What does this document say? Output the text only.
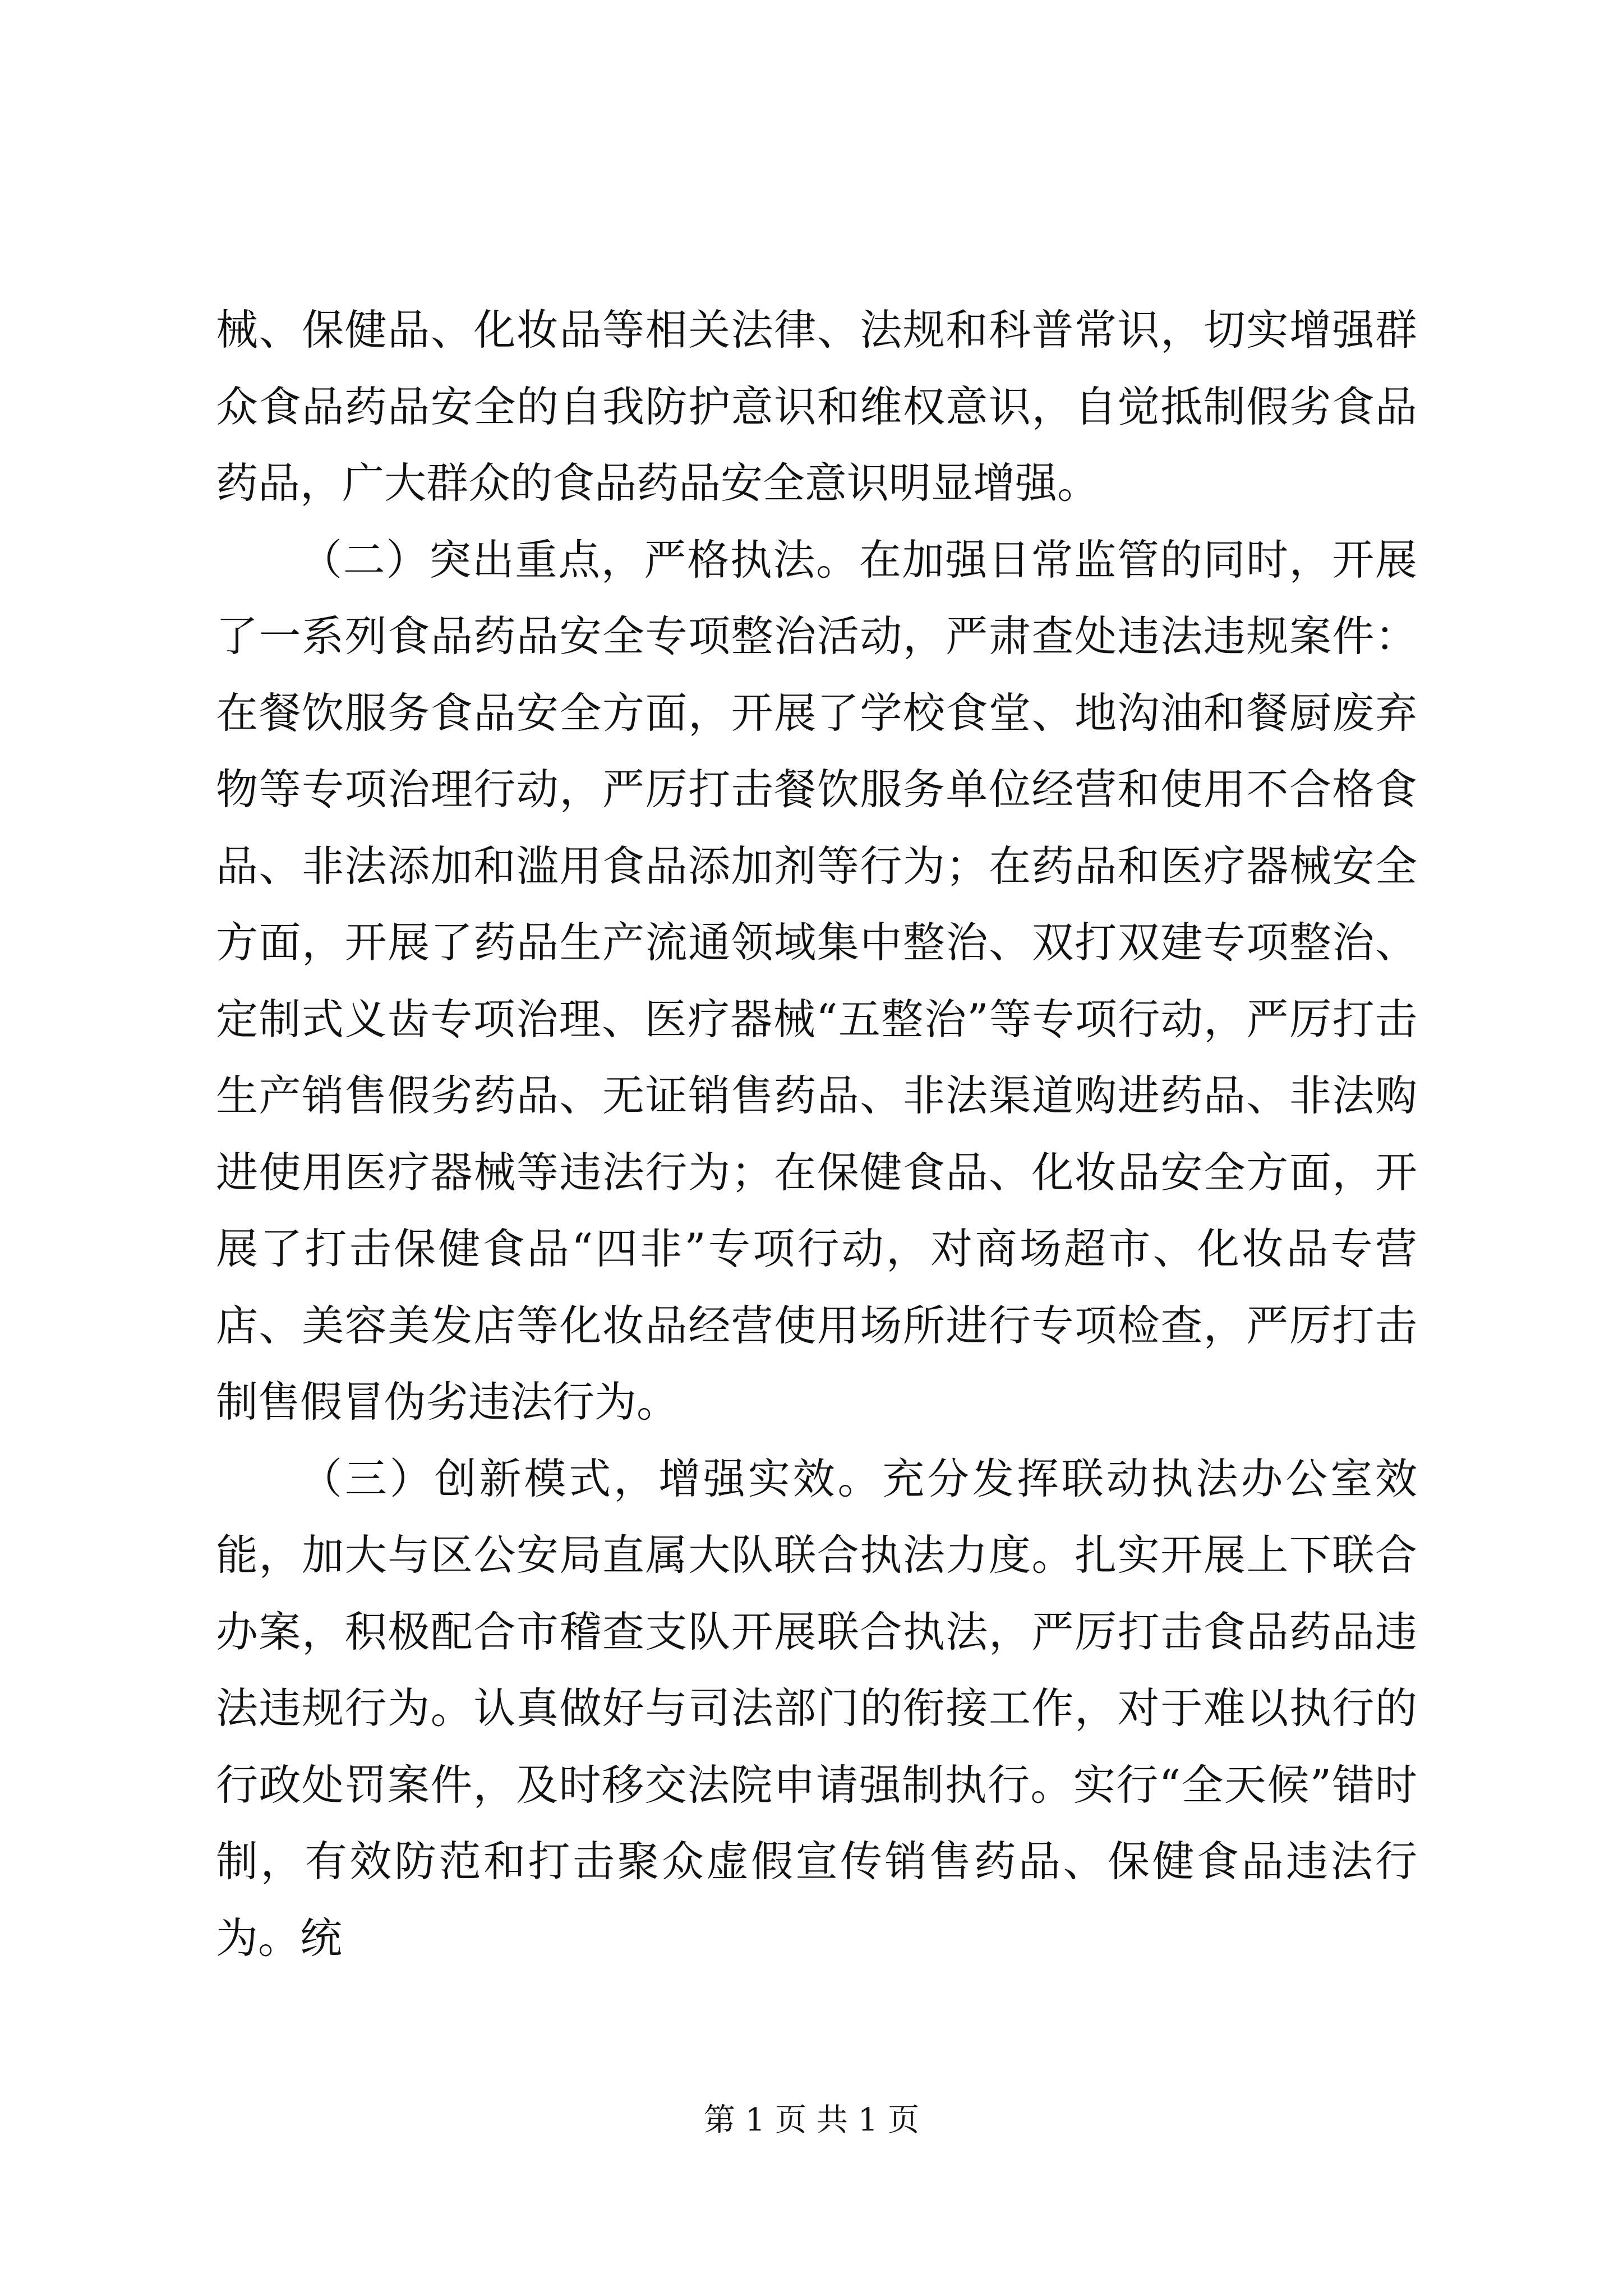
械、保健品、化妆品等相关法律、法规和科普常识，切实增强群众食品药品安全的自我防护意识和维权意识，自觉抵制假劣食品药品，广大群众的食品药品安全意识明显增强。

（二）突出重点，严格执法。在加强日常监管的同时，开展了一系列食品药品安全专项整治活动，严肃查处违法违规案件：在餐饮服务食品安全方面，开展了学校食堂、地沟油和餐厨废弃物等专项治理行动，严厉打击餐饮服务单位经营和使用不合格食品、非法添加和滥用食品添加剂等行为；在药品和医疗器械安全方面，开展了药品生产流通领域集中整治、双打双建专项整治、定制式义齿专项治理、医疗器械“五整治”等专项行动，严厉打击生产销售假劣药品、无证销售药品、非法渠道购进药品、非法购进使用医疗器械等违法行为；在保健食品、化妆品安全方面，开展了打击保健食品“四非”专项行动，对商场超市、化妆品专营店、美容美发店等化妆品经营使用场所进行专项检查，严厉打击制售假冒伪劣违法行为。

（三）创新模式，增强实效。充分发挥联动执法办公室效能，加大与区公安局直属大队联合执法力度。扎实开展上下联合办案，积极配合市稽查支队开展联合执法，严厉打击食品药品违法违规行为。认真做好与司法部门的衔接工作，对于难以执行的行政处罚案件，及时移交法院申请强制执行。实行“全天候”错时制，有效防范和打击聚众虚假宣传销售药品、保健食品违法行为。统

第 1 页 共 1 页
